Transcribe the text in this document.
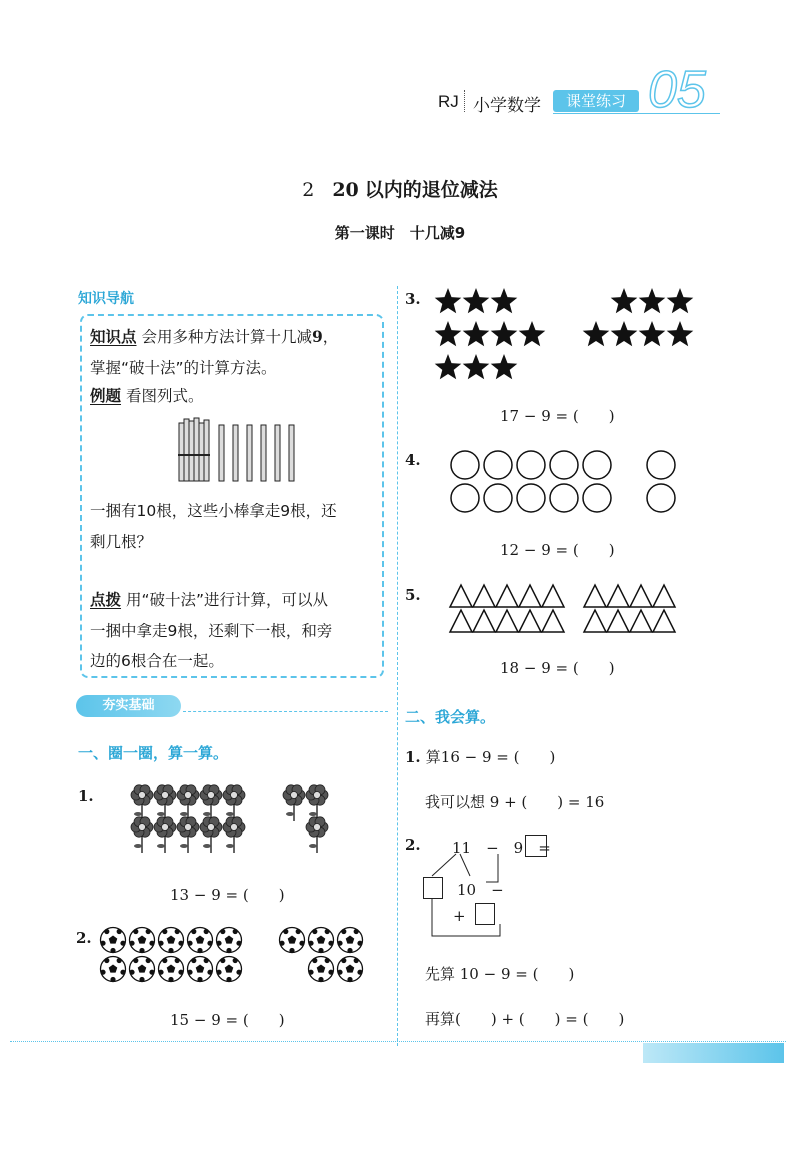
RJ 小学数学	课堂练习 05
2 20 以内的退位减法
第一课时　十几减9
知识导航
知识点 会用多种方法计算十几减9，
掌握“破十法”的计算方法。
例题 看图列式。
一捆有10根，这些小棒拿走9根，还
剩几根？
点拨 用“破十法”进行计算，可以从
一捆中拿走9根，还剩下一根，和旁
边的6根合在一起。
夯实基础
一、圈一圈，算一算。
1.
13 − 9 = (　　)
2.
15 − 9 = (　　)
3.
17 − 9 = (　　)
4.
12 − 9 = (　　)
5.
18 − 9 = (　　)
二、我会算。
1. 算16 − 9 = (　　)
我可以想 9 + (　　) = 16
2. 11　−　9　=
10　−
+
先算 10 − 9 = (　　)
再算(　　) + (　　) = (　　)
